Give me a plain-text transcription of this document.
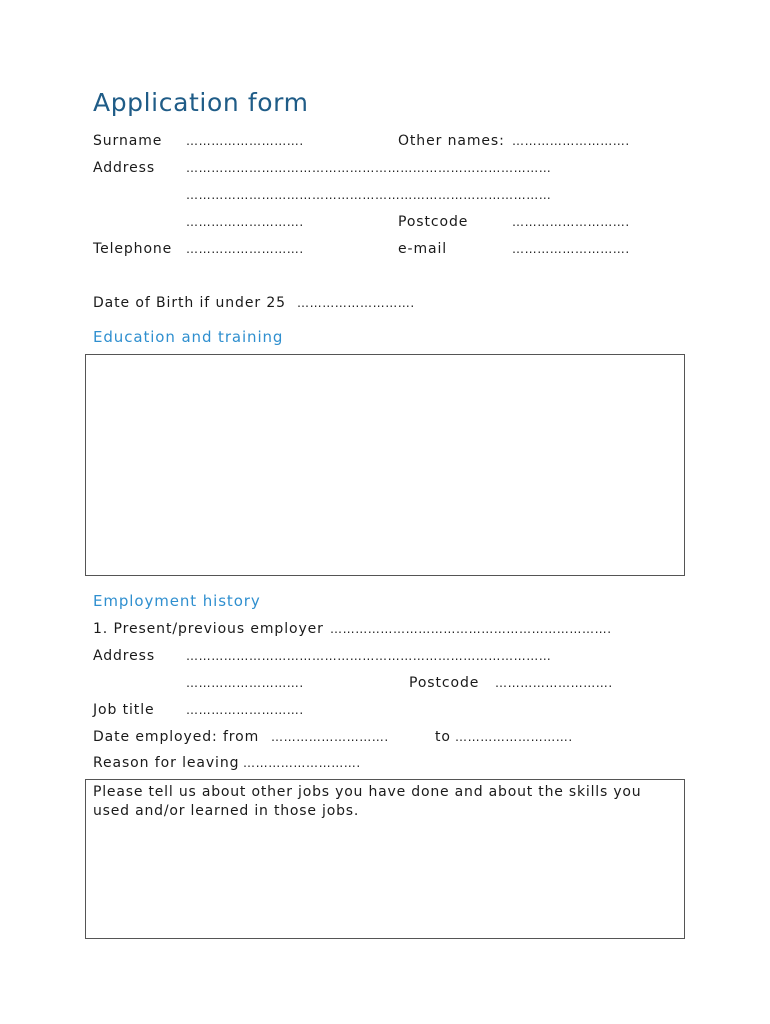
Application form
Surname ……………………….	Other names: ……………………….
Address	……………………………………………………………………………
……………………………………………………………………………
……………………….	Postcode	……………………….
Telephone ……………………….	e-mail	……………………….
Date of Birth if under 25 ……………………….
Education and training
Employment history
1. Present/previous employer ………………………………………………………….
Address	……………………………………………………………………………
……………………….	Postcode ……………………….
Job title	……………………….
Date employed: from ……………………….	to ……………………….
Reason for leaving ……………………….
Please tell us about other jobs you have done and about the skills you used and/or learned in those jobs.
